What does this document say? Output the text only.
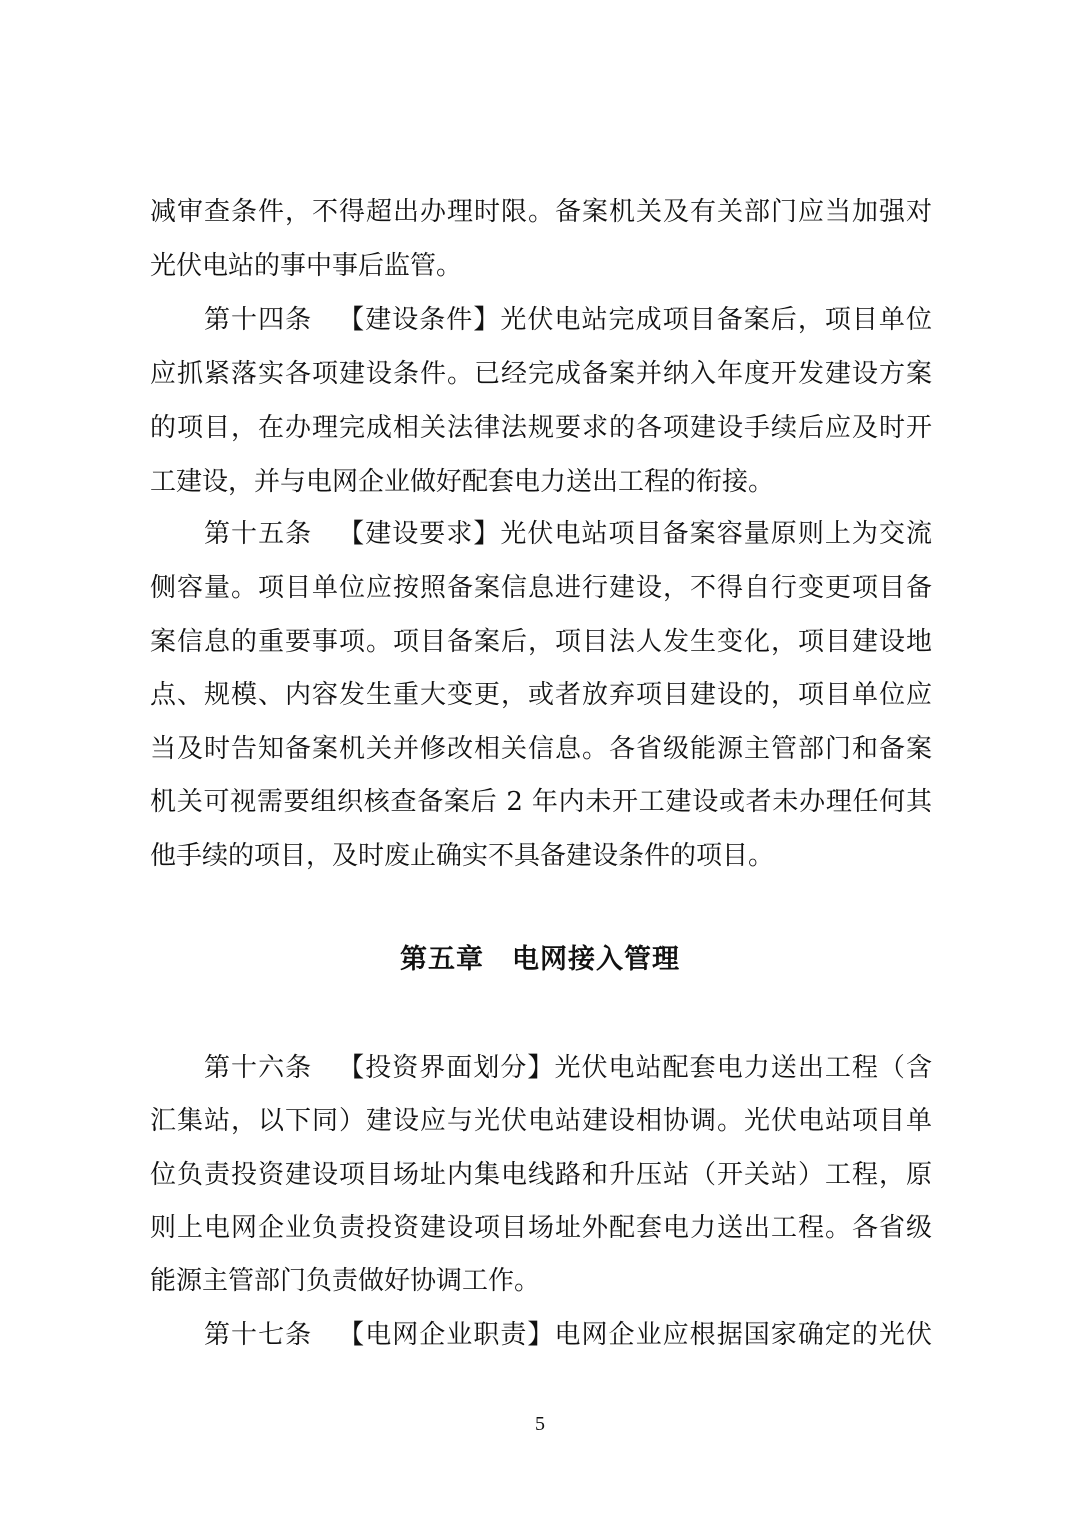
减审查条件，不得超出办理时限。备案机关及有关部门应当加强对
光伏电站的事中事后监管。
第十四条 【建设条件】光伏电站完成项目备案后，项目单位
应抓紧落实各项建设条件。已经完成备案并纳入年度开发建设方案
的项目，在办理完成相关法律法规要求的各项建设手续后应及时开
工建设，并与电网企业做好配套电力送出工程的衔接。
第十五条 【建设要求】光伏电站项目备案容量原则上为交流
侧容量。项目单位应按照备案信息进行建设，不得自行变更项目备
案信息的重要事项。项目备案后，项目法人发生变化，项目建设地
点、规模、内容发生重大变更，或者放弃项目建设的，项目单位应
当及时告知备案机关并修改相关信息。各省级能源主管部门和备案
机关可视需要组织核查备案后 2 年内未开工建设或者未办理任何其
他手续的项目，及时废止确实不具备建设条件的项目。
第五章 电网接入管理
第十六条 【投资界面划分】光伏电站配套电力送出工程（含
汇集站，以下同）建设应与光伏电站建设相协调。光伏电站项目单
位负责投资建设项目场址内集电线路和升压站（开关站）工程，原
则上电网企业负责投资建设项目场址外配套电力送出工程。各省级
能源主管部门负责做好协调工作。
第十七条 【电网企业职责】电网企业应根据国家确定的光伏
5
